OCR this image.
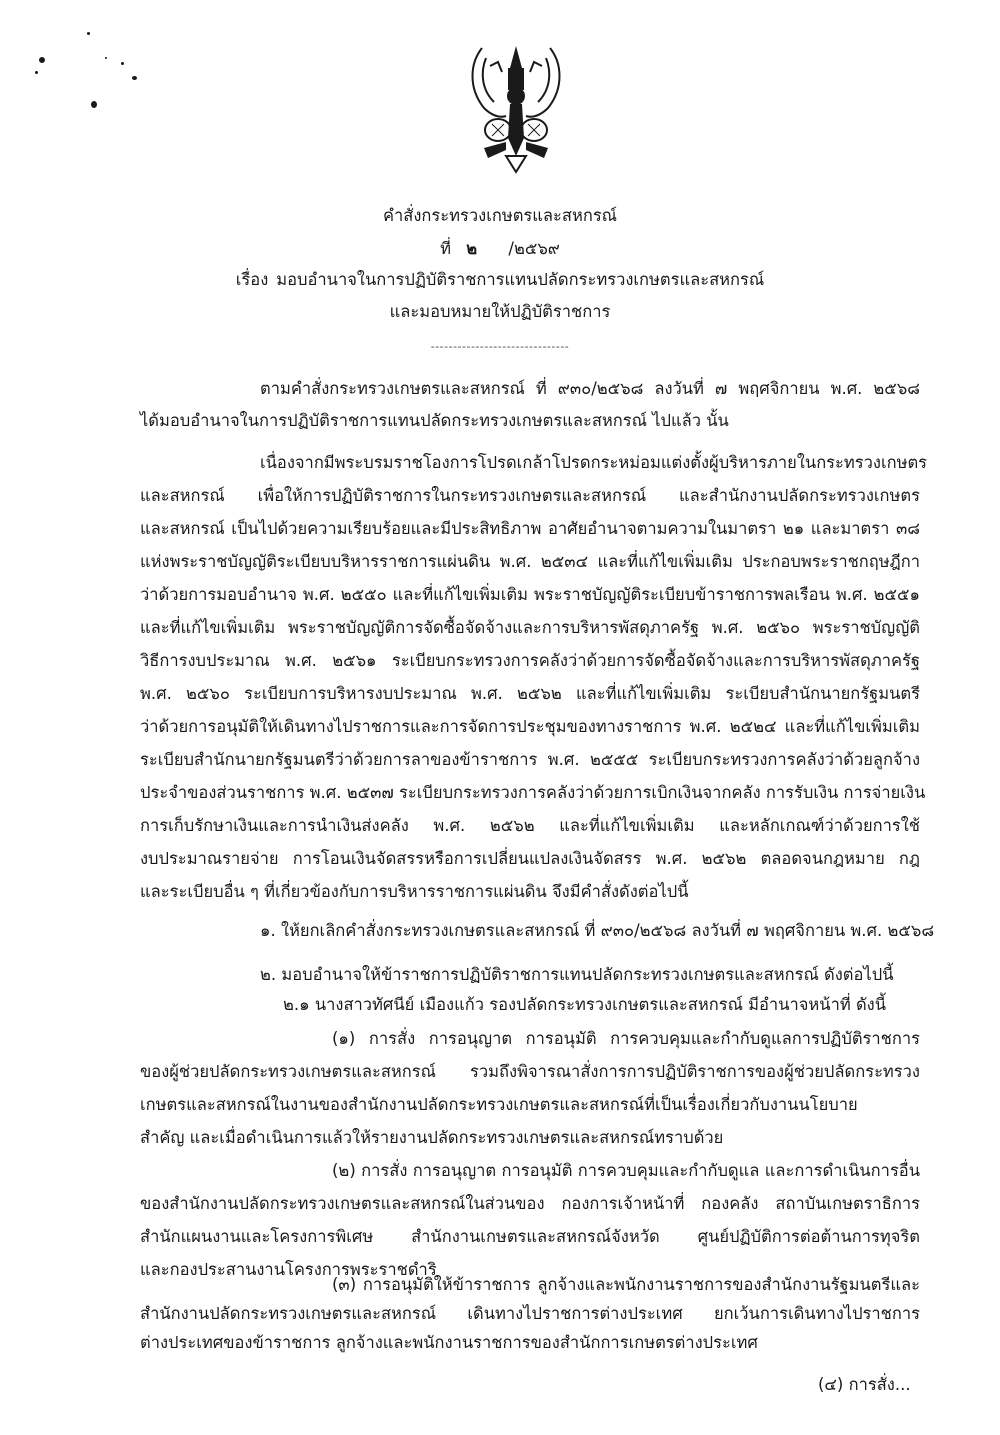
คำสั่งกระทรวงเกษตรและสหกรณ์
ที่ ๒ /๒๕๖๙
เรื่อง มอบอำนาจในการปฏิบัติราชการแทนปลัดกระทรวงเกษตรและสหกรณ์
และมอบหมายให้ปฏิบัติราชการ
-------------------------------
ตามคำสั่งกระทรวงเกษตรและสหกรณ์ ที่ ๙๓๐/๒๕๖๘ ลงวันที่ ๗ พฤศจิกายน พ.ศ. ๒๕๖๘
ได้มอบอำนาจในการปฏิบัติราชการแทนปลัดกระทรวงเกษตรและสหกรณ์ ไปแล้ว นั้น
เนื่องจากมีพระบรมราชโองการโปรดเกล้าโปรดกระหม่อมแต่งตั้งผู้บริหารภายในกระทรวงเกษตร
และสหกรณ์ เพื่อให้การปฏิบัติราชการในกระทรวงเกษตรและสหกรณ์ และสำนักงานปลัดกระทรวงเกษตร
และสหกรณ์ เป็นไปด้วยความเรียบร้อยและมีประสิทธิภาพ อาศัยอำนาจตามความในมาตรา ๒๑ และมาตรา ๓๘
แห่งพระราชบัญญัติระเบียบบริหารราชการแผ่นดิน พ.ศ. ๒๕๓๔ และที่แก้ไขเพิ่มเติม ประกอบพระราชกฤษฎีกา
ว่าด้วยการมอบอำนาจ พ.ศ. ๒๕๕๐ และที่แก้ไขเพิ่มเติม พระราชบัญญัติระเบียบข้าราชการพลเรือน พ.ศ. ๒๕๕๑
และที่แก้ไขเพิ่มเติม พระราชบัญญัติการจัดซื้อจัดจ้างและการบริหารพัสดุภาครัฐ พ.ศ. ๒๕๖๐ พระราชบัญญัติ
วิธีการงบประมาณ พ.ศ. ๒๕๖๑ ระเบียบกระทรวงการคลังว่าด้วยการจัดซื้อจัดจ้างและการบริหารพัสดุภาครัฐ
พ.ศ. ๒๕๖๐ ระเบียบการบริหารงบประมาณ พ.ศ. ๒๕๖๒ และที่แก้ไขเพิ่มเติม ระเบียบสำนักนายกรัฐมนตรี
ว่าด้วยการอนุมัติให้เดินทางไปราชการและการจัดการประชุมของทางราชการ พ.ศ. ๒๕๒๔ และที่แก้ไขเพิ่มเติม
ระเบียบสำนักนายกรัฐมนตรีว่าด้วยการลาของข้าราชการ พ.ศ. ๒๕๕๕ ระเบียบกระทรวงการคลังว่าด้วยลูกจ้าง
ประจำของส่วนราชการ พ.ศ. ๒๕๓๗ ระเบียบกระทรวงการคลังว่าด้วยการเบิกเงินจากคลัง การรับเงิน การจ่ายเงิน
การเก็บรักษาเงินและการนำเงินส่งคลัง พ.ศ. ๒๕๖๒ และที่แก้ไขเพิ่มเติม และหลักเกณฑ์ว่าด้วยการใช้
งบประมาณรายจ่าย การโอนเงินจัดสรรหรือการเปลี่ยนแปลงเงินจัดสรร พ.ศ. ๒๕๖๒ ตลอดจนกฎหมาย กฎ
และระเบียบอื่น ๆ ที่เกี่ยวข้องกับการบริหารราชการแผ่นดิน จึงมีคำสั่งดังต่อไปนี้
๑. ให้ยกเลิกคำสั่งกระทรวงเกษตรและสหกรณ์ ที่ ๙๓๐/๒๕๖๘ ลงวันที่ ๗ พฤศจิกายน พ.ศ. ๒๕๖๘
๒. มอบอำนาจให้ข้าราชการปฏิบัติราชการแทนปลัดกระทรวงเกษตรและสหกรณ์ ดังต่อไปนี้
๒.๑ นางสาวทัศนีย์ เมืองแก้ว รองปลัดกระทรวงเกษตรและสหกรณ์ มีอำนาจหน้าที่ ดังนี้
(๑) การสั่ง การอนุญาต การอนุมัติ การควบคุมและกำกับดูแลการปฏิบัติราชการ
ของผู้ช่วยปลัดกระทรวงเกษตรและสหกรณ์ รวมถึงพิจารณาสั่งการการปฏิบัติราชการของผู้ช่วยปลัดกระทรวง
เกษตรและสหกรณ์ในงานของสำนักงานปลัดกระทรวงเกษตรและสหกรณ์ที่เป็นเรื่องเกี่ยวกับงานนโยบาย
สำคัญ และเมื่อดำเนินการแล้วให้รายงานปลัดกระทรวงเกษตรและสหกรณ์ทราบด้วย
(๒) การสั่ง การอนุญาต การอนุมัติ การควบคุมและกำกับดูแล และการดำเนินการอื่น
ของสำนักงานปลัดกระทรวงเกษตรและสหกรณ์ในส่วนของ กองการเจ้าหน้าที่ กองคลัง สถาบันเกษตราธิการ
สำนักแผนงานและโครงการพิเศษ สำนักงานเกษตรและสหกรณ์จังหวัด ศูนย์ปฏิบัติการต่อต้านการทุจริต
และกองประสานงานโครงการพระราชดำริ
(๓) การอนุมัติให้ข้าราชการ ลูกจ้างและพนักงานราชการของสำนักงานรัฐมนตรีและ
สำนักงานปลัดกระทรวงเกษตรและสหกรณ์ เดินทางไปราชการต่างประเทศ ยกเว้นการเดินทางไปราชการ
ต่างประเทศของข้าราชการ ลูกจ้างและพนักงานราชการของสำนักการเกษตรต่างประเทศ
(๔) การสั่ง...
